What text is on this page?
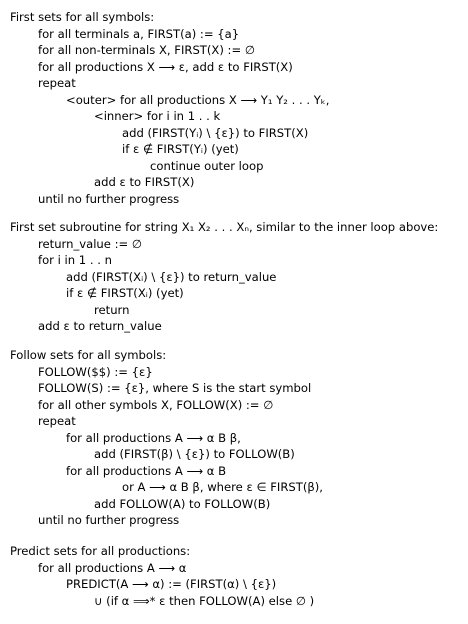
First sets for all symbols:
for all terminals a, FIRST(a) := {a}
for all non-terminals X, FIRST(X) := ∅
for all productions X ⟶ ε, add ε to FIRST(X)
repeat
<outer> for all productions X ⟶ Y₁ Y₂ . . . Yₖ,
<inner> for i in 1 . . k
add (FIRST(Yᵢ) \ {ε}) to FIRST(X)
if ε ∉ FIRST(Yᵢ) (yet)
continue outer loop
add ε to FIRST(X)
until no further progress
First set subroutine for string X₁ X₂ . . . Xₙ, similar to the inner loop above:
return_value := ∅
for i in 1 . . n
add (FIRST(Xᵢ) \ {ε}) to return_value
if ε ∉ FIRST(Xᵢ) (yet)
return
add ε to return_value
Follow sets for all symbols:
FOLLOW($$) := {ε}
FOLLOW(S) := {ε}, where S is the start symbol
for all other symbols X, FOLLOW(X) := ∅
repeat
for all productions A ⟶ α B β,
add (FIRST(β) \ {ε}) to FOLLOW(B)
for all productions A ⟶ α B
or A ⟶ α B β, where ε ∈ FIRST(β),
add FOLLOW(A) to FOLLOW(B)
until no further progress
Predict sets for all productions:
for all productions A ⟶ α
PREDICT(A ⟶ α) := (FIRST(α) \ {ε})
∪ (if α ⟹* ε then FOLLOW(A) else ∅ )
